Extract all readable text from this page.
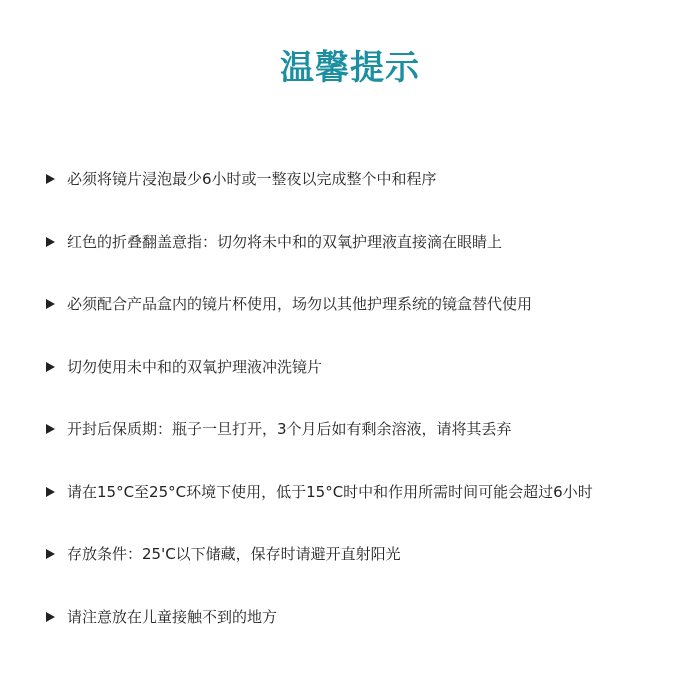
温馨提示
必须将镜片浸泡最少6小时或一整夜以完成整个中和程序
红色的折叠翻盖意指：切勿将未中和的双氧护理液直接滴在眼睛上
必须配合产品盒内的镜片杯使用，场勿以其他护理系统的镜盒替代使用
切勿使用未中和的双氧护理液冲洗镜片
开封后保质期：瓶子一旦打开，3个月后如有剩余溶液，请将其丢弃
请在15°C至25°C环境下使用，低于15°C时中和作用所需时间可能会超过6小时
存放条件：25'C以下储藏，保存时请避开直射阳光
请注意放在儿童接触不到的地方
